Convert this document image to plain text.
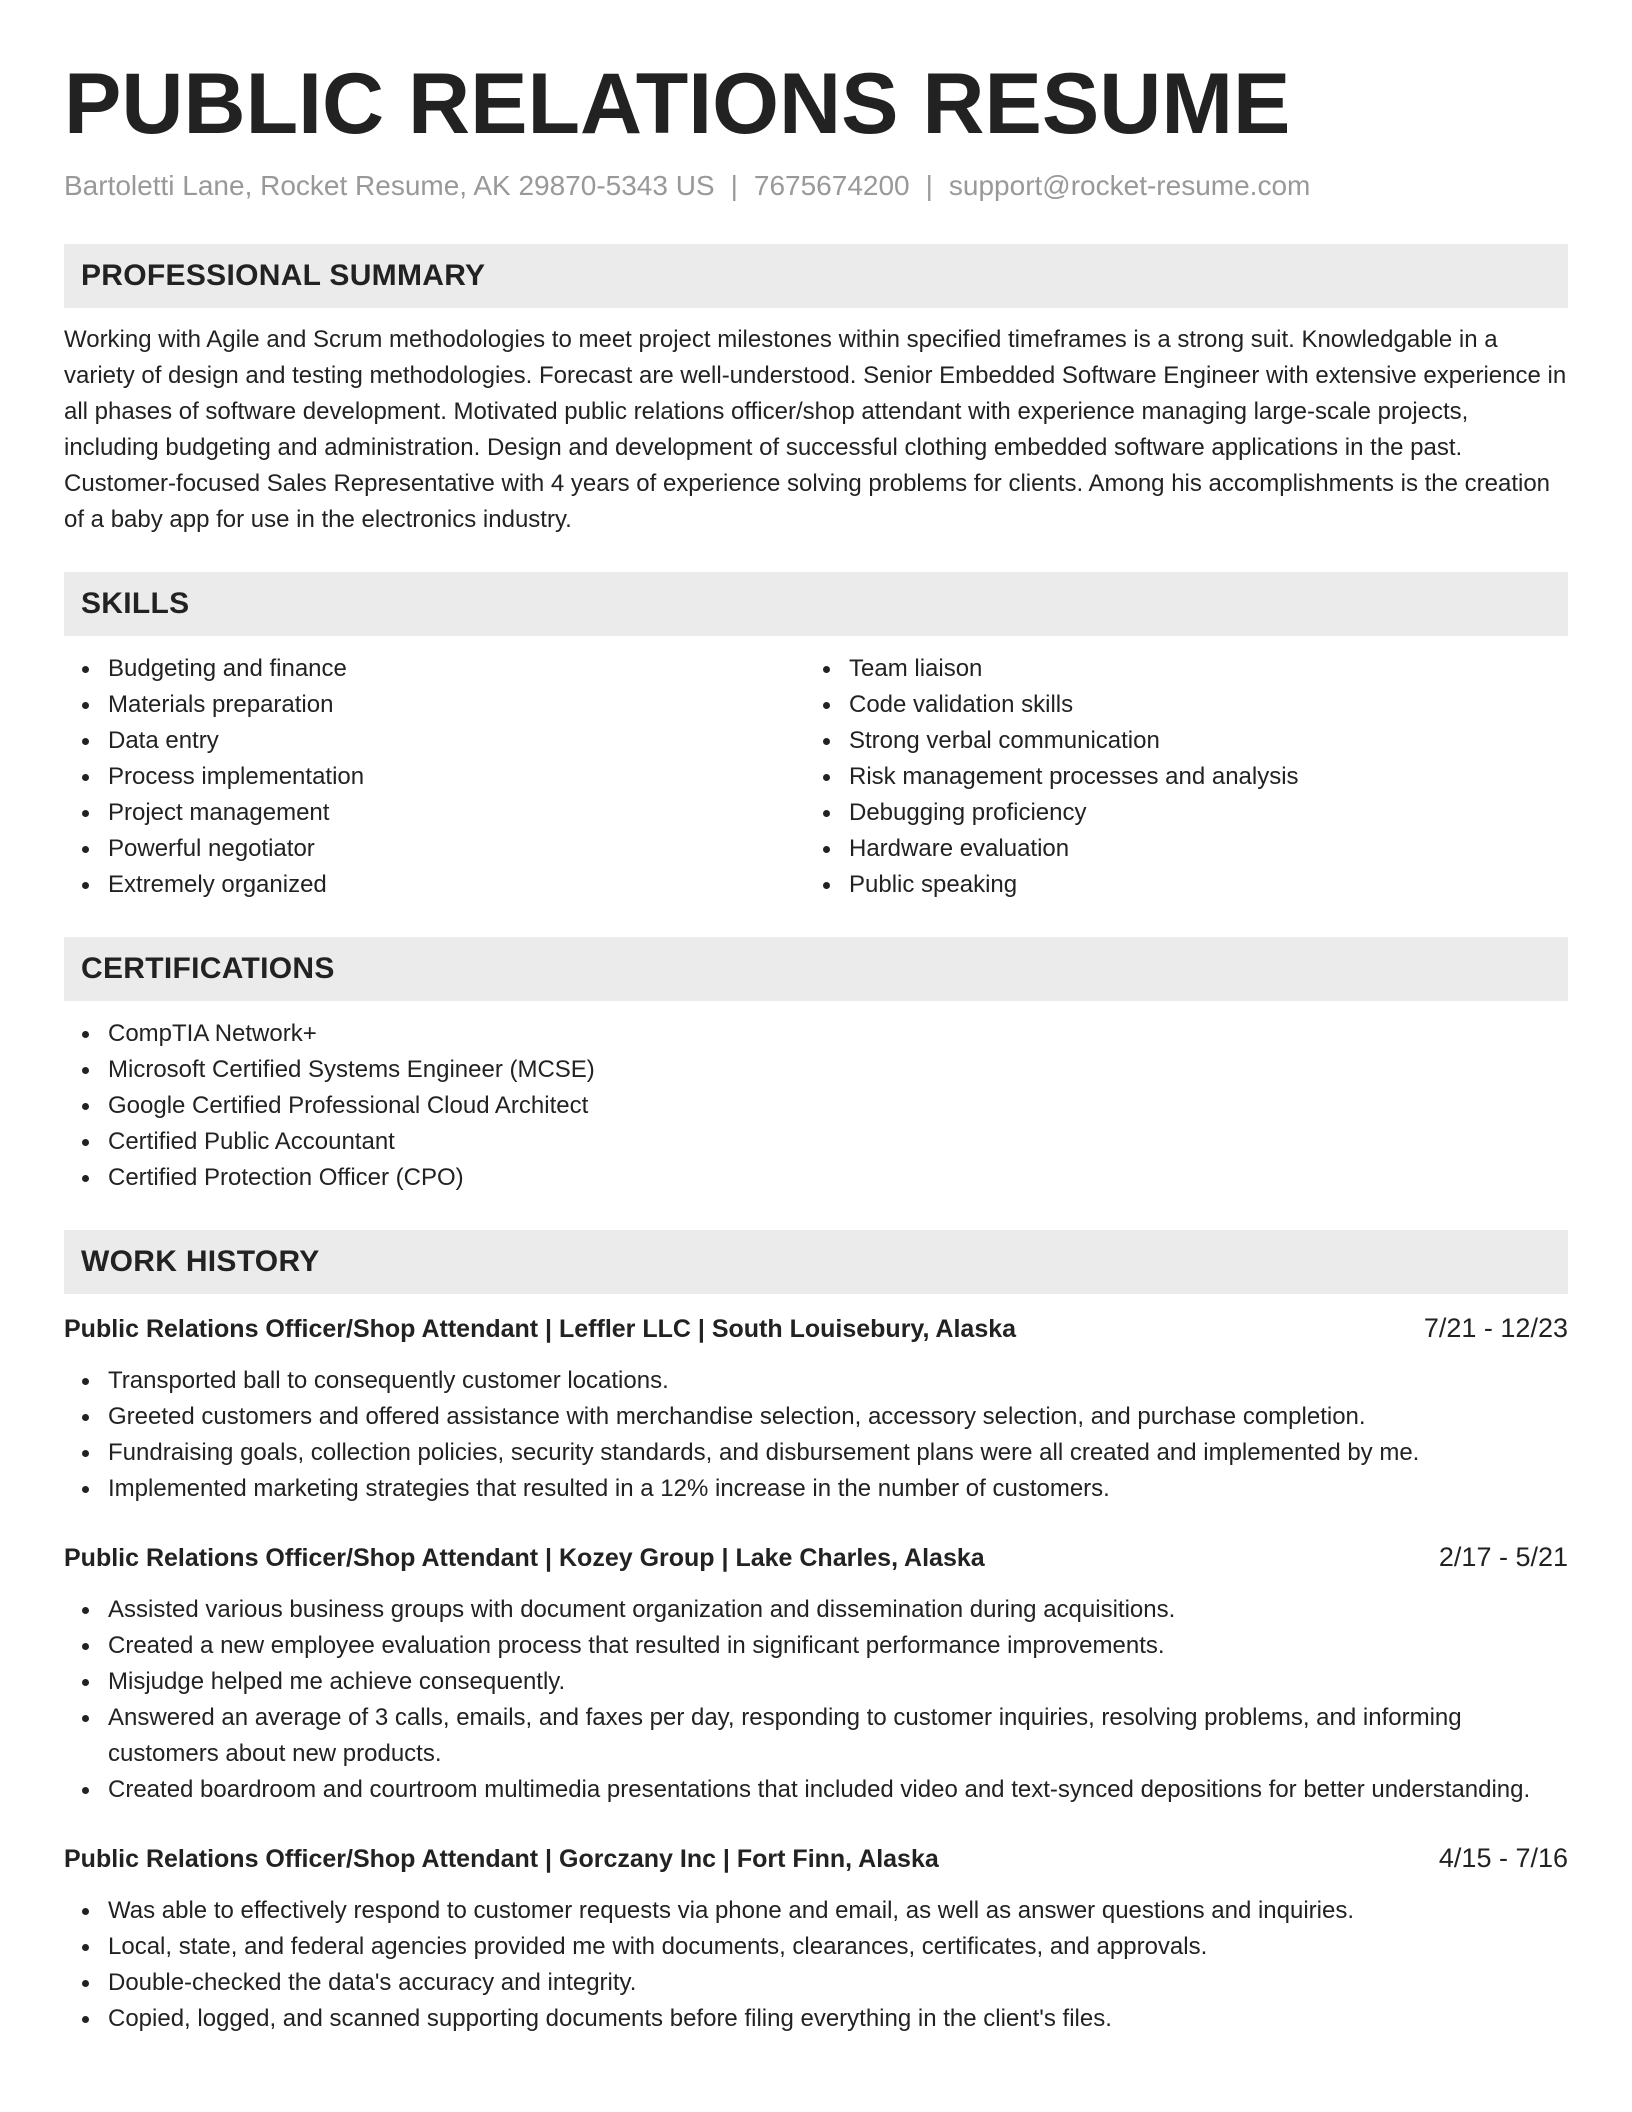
PUBLIC RELATIONS RESUME
Bartoletti Lane, Rocket Resume, AK 29870-5343 US | 7675674200 | support@rocket-resume.com
PROFESSIONAL SUMMARY

Working with Agile and Scrum methodologies to meet project milestones within specified timeframes is a strong suit. Knowledgable in a variety of design and testing methodologies. Forecast are well-understood. Senior Embedded Software Engineer with extensive experience in all phases of software development. Motivated public relations officer/shop attendant with experience managing large-scale projects, including budgeting and administration. Design and development of successful clothing embedded software applications in the past. Customer-focused Sales Representative with 4 years of experience solving problems for clients. Among his accomplishments is the creation of a baby app for use in the electronics industry.

SKILLS
Budgeting and finance
Materials preparation
Data entry
Process implementation
Project management
Powerful negotiator
Extremely organized
Team liaison
Code validation skills
Strong verbal communication
Risk management processes and analysis
Debugging proficiency
Hardware evaluation
Public speaking
CERTIFICATIONS
CompTIA Network+
Microsoft Certified Systems Engineer (MCSE)
Google Certified Professional Cloud Architect
Certified Public Accountant
Certified Protection Officer (CPO)
WORK HISTORY
Public Relations Officer/Shop Attendant | Leffler LLC | South Louisebury, Alaska	7/21 - 12/23
Transported ball to consequently customer locations.
Greeted customers and offered assistance with merchandise selection, accessory selection, and purchase completion.
Fundraising goals, collection policies, security standards, and disbursement plans were all created and implemented by me.
Implemented marketing strategies that resulted in a 12% increase in the number of customers.
Public Relations Officer/Shop Attendant | Kozey Group | Lake Charles, Alaska	2/17 - 5/21
Assisted various business groups with document organization and dissemination during acquisitions.
Created a new employee evaluation process that resulted in significant performance improvements.
Misjudge helped me achieve consequently.
Answered an average of 3 calls, emails, and faxes per day, responding to customer inquiries, resolving problems, and informing customers about new products.
Created boardroom and courtroom multimedia presentations that included video and text-synced depositions for better understanding.
Public Relations Officer/Shop Attendant | Gorczany Inc | Fort Finn, Alaska	4/15 - 7/16
Was able to effectively respond to customer requests via phone and email, as well as answer questions and inquiries.
Local, state, and federal agencies provided me with documents, clearances, certificates, and approvals.
Double-checked the data's accuracy and integrity.
Copied, logged, and scanned supporting documents before filing everything in the client's files.
